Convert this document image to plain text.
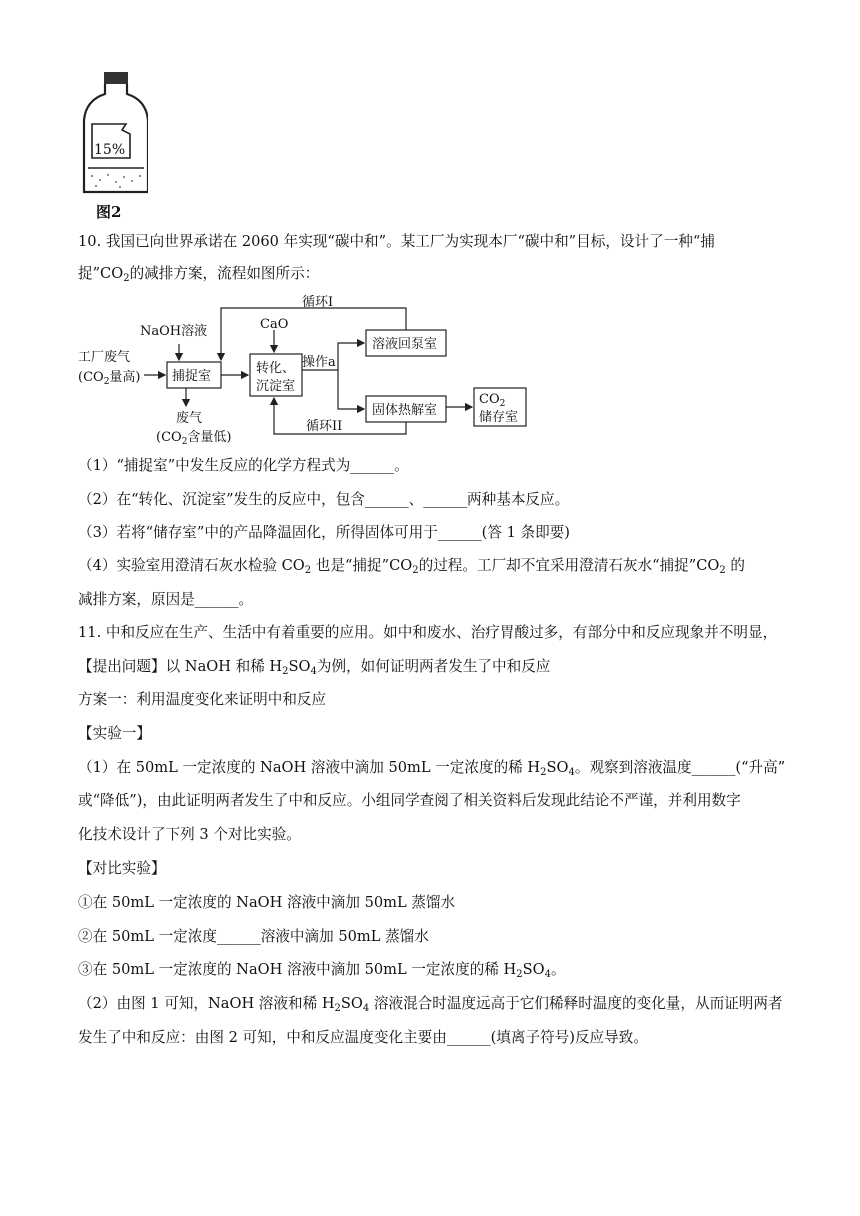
15%
图2
10. 我国已向世界承诺在 2060 年实现“碳中和”。某工厂为实现本厂“碳中和”目标，设计了一种“捕
捉$”CO_2$的减排方案，流程如图所示：
循环I
NaOH溶液	CaO
工厂废气
($CO_2$量高) 捕捉室
转化、
沉淀室
操作a
溶液回泵室
固体热解室
$CO_2$
储存室
废气
($CO_2$含量低)
循环II
（1）“捕捉室”中发生反应的化学方程式为______。
（2）在“转化、沉淀室”发生的反应中，包含______、______两种基本反应。
（3）若将“储存室”中的产品降温固化，所得固体可用于______(答 1 条即要)
（4）实验室用澄清石灰水检验 $CO_2$ 也是“捕捉$”CO_2$的过程。工厂却不宜采用澄清石灰水“捕捉$”CO_2$ 的
减排方案，原因是______。
11. 中和反应在生产、生活中有着重要的应用。如中和废水、治疗胃酸过多，有部分中和反应现象并不明显，
【提出问题】以 NaOH 和稀 $H_2SO_4$为例，如何证明两者发生了中和反应
方案一：利用温度变化来证明中和反应
【实验一】
（1）在 50mL 一定浓度的 NaOH 溶液中滴加 50mL 一定浓度的稀 $H_2SO_4$。观察到溶液温度______(“升高”
或“降低”)，由此证明两者发生了中和反应。小组同学查阅了相关资料后发现此结论不严谨，并利用数字
化技术设计了下列 3 个对比实验。
【对比实验】
①在 50mL 一定浓度的 NaOH 溶液中滴加 50mL 蒸馏水
②在 50mL 一定浓度______溶液中滴加 50mL 蒸馏水
③在 50mL 一定浓度的 NaOH 溶液中滴加 50mL 一定浓度的稀 $H_2SO_4$。
（2）由图 1 可知，NaOH 溶液和稀 $H_2SO_4$ 溶液混合时温度远高于它们稀释时温度的变化量，从而证明两者
发生了中和反应：由图 2 可知，中和反应温度变化主要由______(填离子符号)反应导致。
